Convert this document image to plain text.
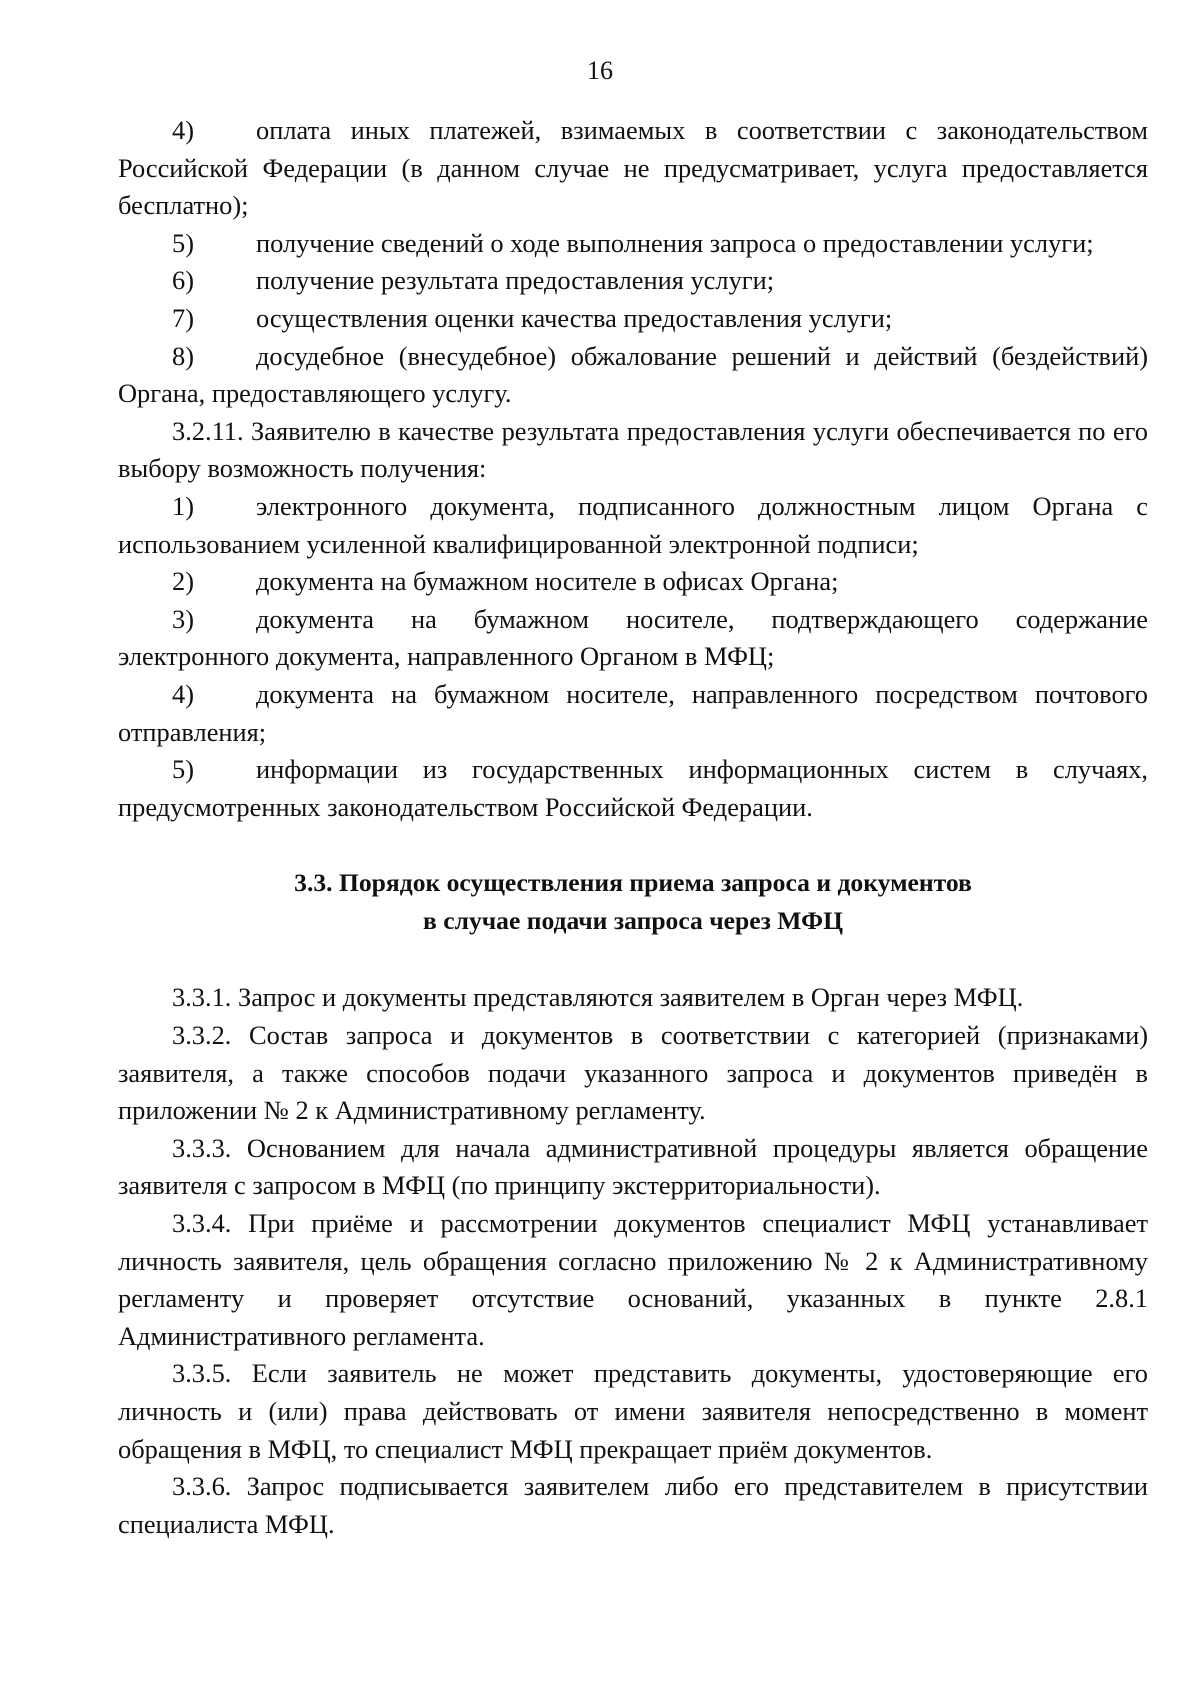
16

4) оплата иных платежей, взимаемых в соответствии с законодательством Российской Федерации (в данном случае не предусматривает, услуга предоставляется бесплатно);

5) получение сведений о ходе выполнения запроса о предоставлении услуги;

6) получение результата предоставления услуги;

7) осуществления оценки качества предоставления услуги;

8) досудебное (внесудебное) обжалование решений и действий (бездействий) Органа, предоставляющего услугу.

3.2.11. Заявителю в качестве результата предоставления услуги обеспечивается по его выбору возможность получения:

1) электронного документа, подписанного должностным лицом Органа с использованием усиленной квалифицированной электронной подписи;

2) документа на бумажном носителе в офисах Органа;

3) документа на бумажном носителе, подтверждающего содержание электронного документа, направленного Органом в МФЦ;

4) документа на бумажном носителе, направленного посредством почтового отправления;

5) информации из государственных информационных систем в случаях, предусмотренных законодательством Российской Федерации.

3.3. Порядок осуществления приема запроса и документов
в случае подачи запроса через МФЦ

3.3.1. Запрос и документы представляются заявителем в Орган через МФЦ.

3.3.2. Состав запроса и документов в соответствии с категорией (признаками) заявителя, а также способов подачи указанного запроса и документов приведён в приложении № 2 к Административному регламенту.

3.3.3. Основанием для начала административной процедуры является обращение заявителя с запросом в МФЦ (по принципу экстерриториальности).

3.3.4. При приёме и рассмотрении документов специалист МФЦ устанавливает личность заявителя, цель обращения согласно приложению № 2 к Административному регламенту и проверяет отсутствие оснований, указанных в пункте 2.8.1 Административного регламента.

3.3.5. Если заявитель не может представить документы, удостоверяющие его личность и (или) права действовать от имени заявителя непосредственно в момент обращения в МФЦ, то специалист МФЦ прекращает приём документов.

3.3.6. Запрос подписывается заявителем либо его представителем в присутствии специалиста МФЦ.
